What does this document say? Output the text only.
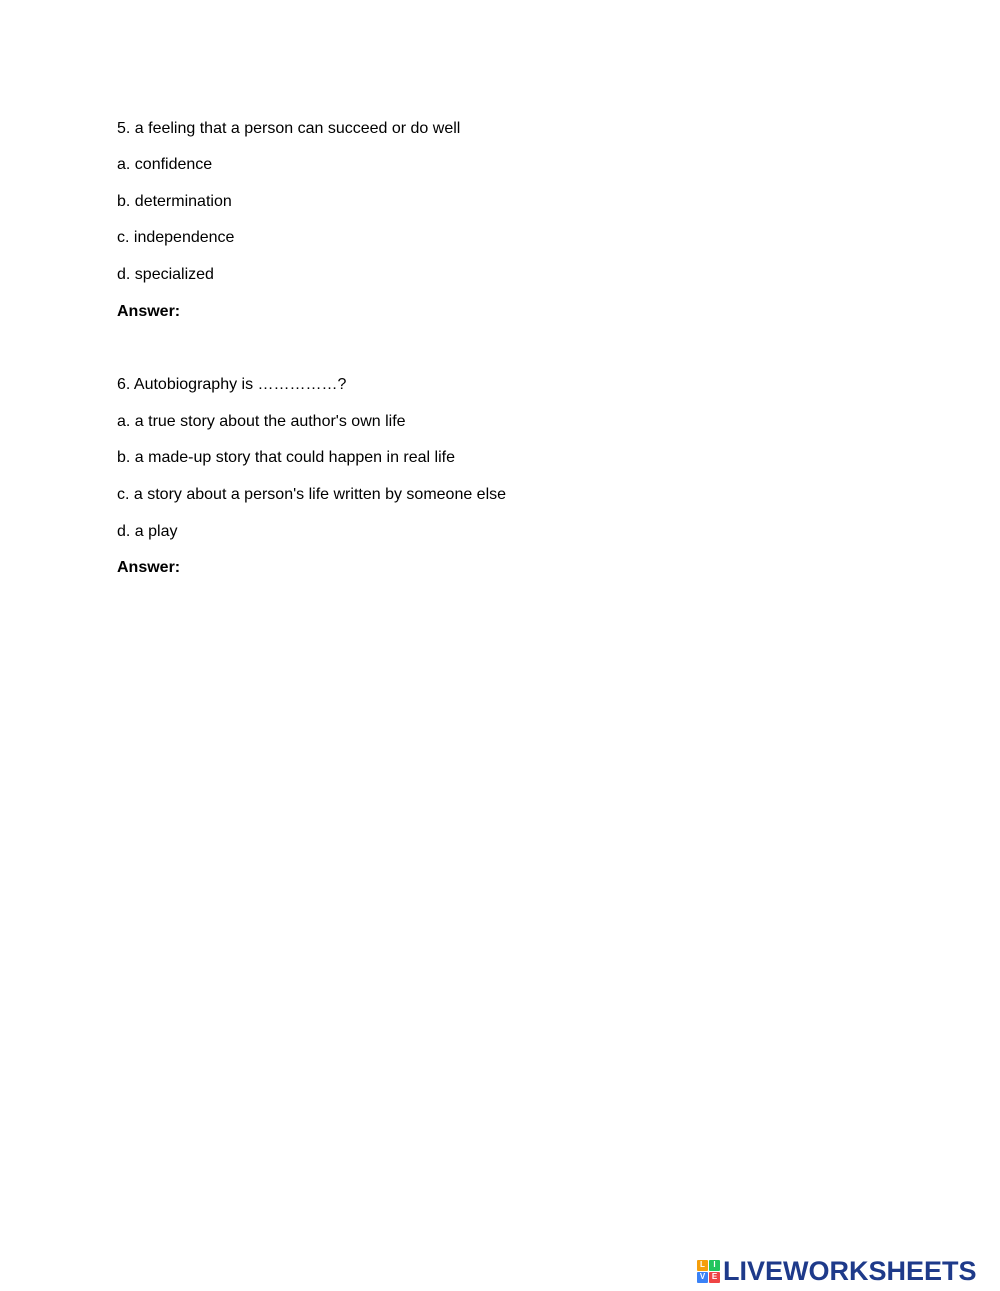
5. a feeling that a person can succeed or do well
a. confidence
b. determination
c. independence
d. specialized
Answer:
6. Autobiography is ……………?
a. a true story about the author's own life
b. a made-up story that could happen in real life
c. a story about a person's life written by someone else
d. a play
Answer:
L	I
V E LIVEWORKSHEETS
